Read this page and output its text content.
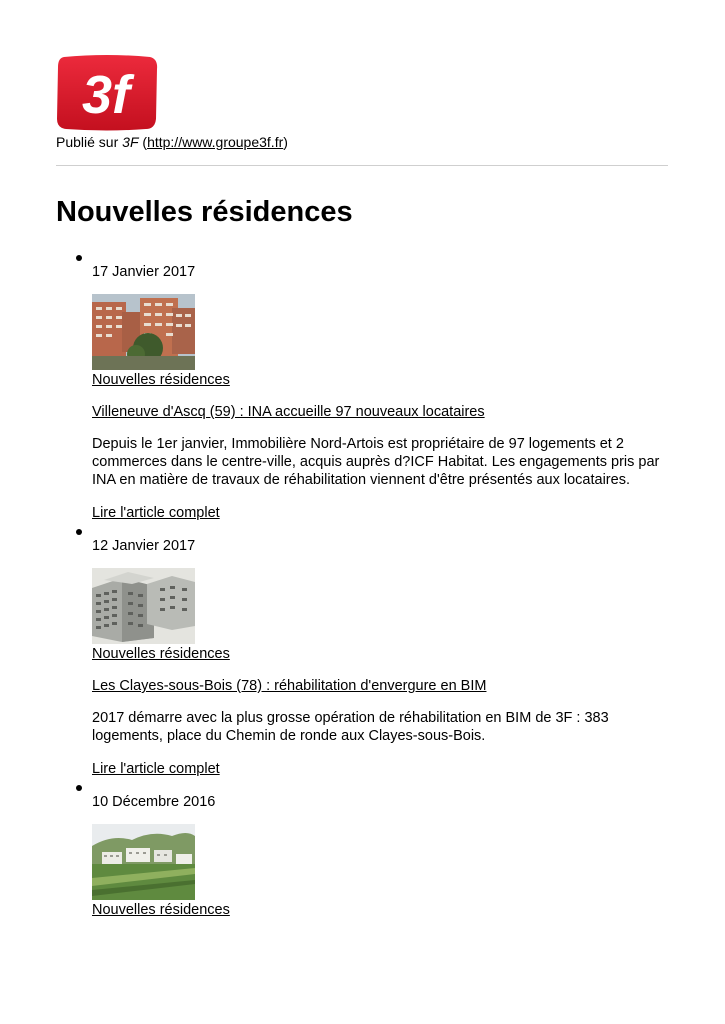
3f
Publié sur 3F (http://www.groupe3f.fr)
Nouvelles résidences
17 Janvier 2017
Nouvelles résidences
Villeneuve d'Ascq (59) : INA accueille 97 nouveaux locataires
Depuis le 1er janvier, Immobilière Nord-Artois est propriétaire de 97 logements et 2 commerces dans le centre-ville, acquis auprès d?ICF Habitat. Les engagements pris par INA en matière de travaux de réhabilitation viennent d'être présentés aux locataires.
Lire l'article complet
12 Janvier 2017
Nouvelles résidences
Les Clayes-sous-Bois (78) : réhabilitation d'envergure en BIM
2017 démarre avec la plus grosse opération de réhabilitation en BIM de 3F : 383 logements, place du Chemin de ronde aux Clayes-sous-Bois.
Lire l'article complet
10 Décembre 2016
Nouvelles résidences
